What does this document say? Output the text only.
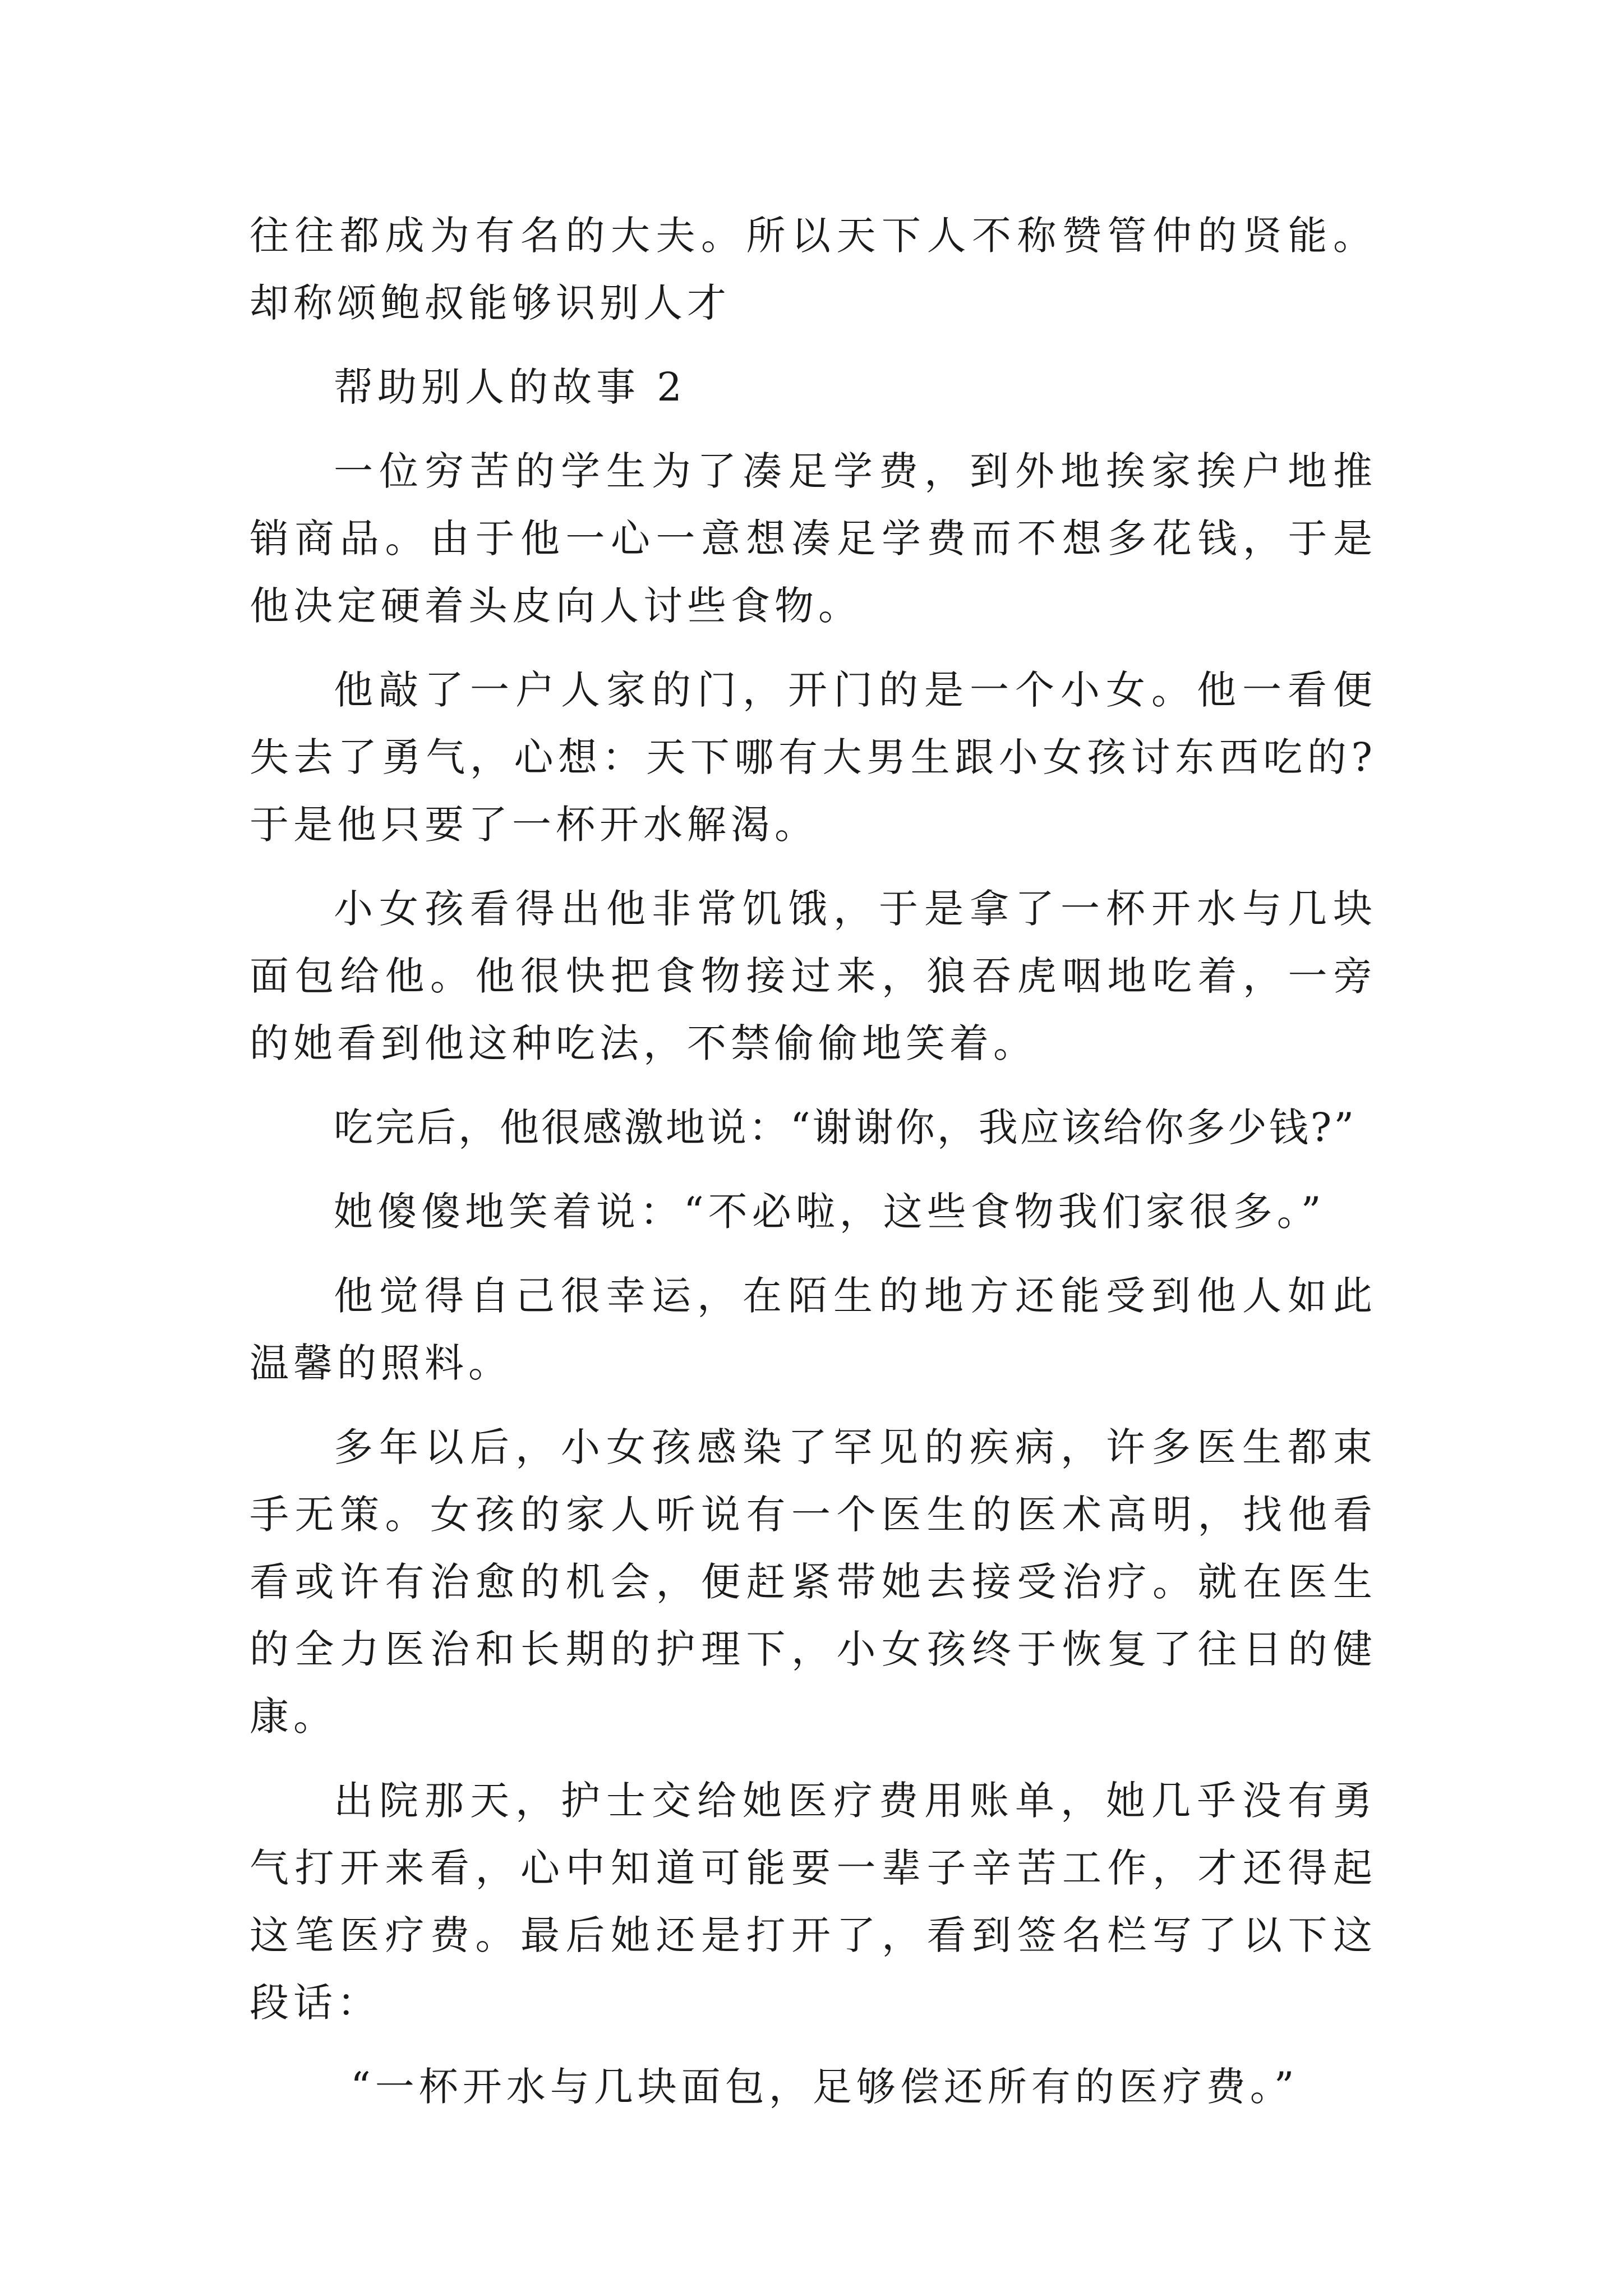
往往都成为有名的大夫。所以天下人不称赞管仲的贤能。却称颂鲍叔能够识别人才

帮助别人的故事 2

一位穷苦的学生为了凑足学费，到外地挨家挨户地推销商品。由于他一心一意想凑足学费而不想多花钱，于是他决定硬着头皮向人讨些食物。

他敲了一户人家的门，开门的是一个小女。他一看便失去了勇气，心想：天下哪有大男生跟小女孩讨东西吃的?于是他只要了一杯开水解渴。

小女孩看得出他非常饥饿，于是拿了一杯开水与几块面包给他。他很快把食物接过来，狼吞虎咽地吃着，一旁的她看到他这种吃法，不禁偷偷地笑着。

吃完后，他很感激地说：“谢谢你，我应该给你多少钱?”

她傻傻地笑着说：“不必啦，这些食物我们家很多。”

他觉得自己很幸运，在陌生的地方还能受到他人如此温馨的照料。

多年以后，小女孩感染了罕见的疾病，许多医生都束手无策。女孩的家人听说有一个医生的医术高明，找他看看或许有治愈的机会，便赶紧带她去接受治疗。就在医生的全力医治和长期的护理下，小女孩终于恢复了往日的健康。

出院那天，护士交给她医疗费用账单，她几乎没有勇气打开来看，心中知道可能要一辈子辛苦工作，才还得起这笔医疗费。最后她还是打开了，看到签名栏写了以下这段话：

“一杯开水与几块面包，足够偿还所有的医疗费。”
